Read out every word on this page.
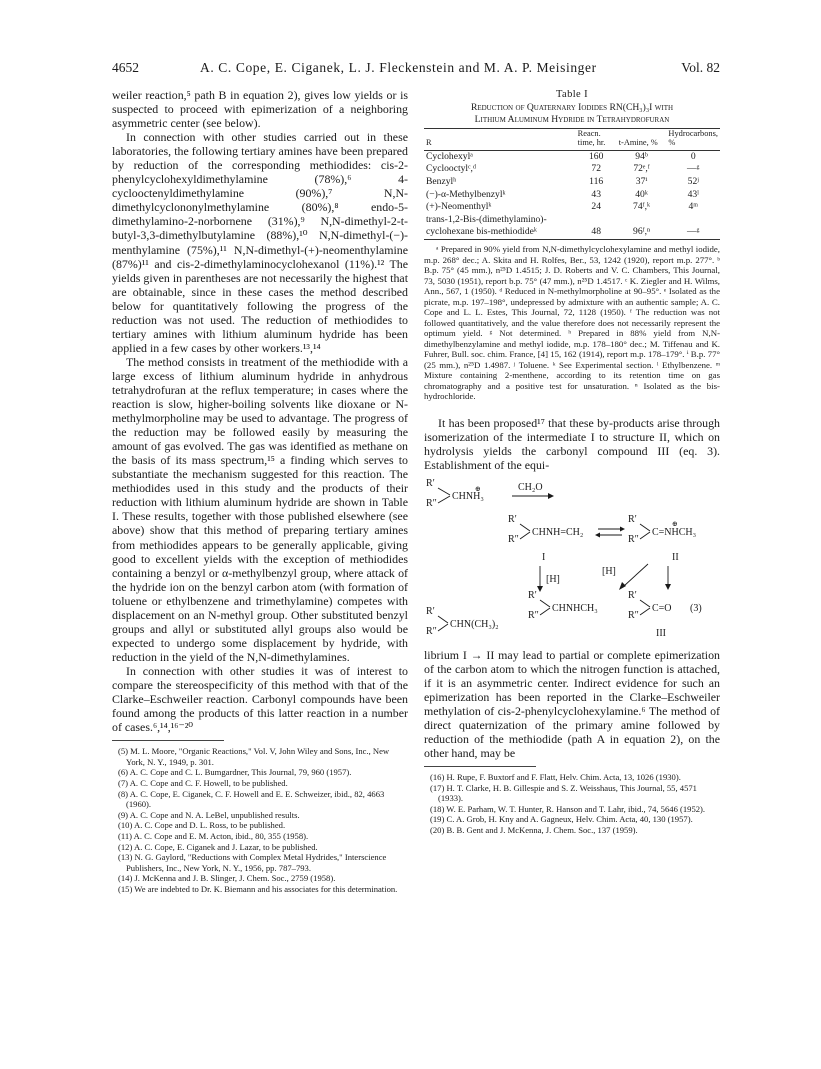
4652	A. C. Cope, E. Ciganek, L. J. Fleckenstein and M. A. P. Meisinger	Vol. 82

weiler reaction,⁵ path B in equation 2), gives low yields or is suspected to proceed with epimerization of a neighboring asymmetric center (see below).

In connection with other studies carried out in these laboratories, the following tertiary amines have been prepared by reduction of the corresponding methiodides: cis-2-phenylcyclohexyldimethylamine (78%),⁶ 4-cyclooctenyldimethylamine (90%),⁷ N,N-dimethylcyclononylmethylamine (80%),⁸ endo-5-dimethylamino-2-norbornene (31%),⁹ N,N-dimethyl-2-t-butyl-3,3-dimethylbutylamine (88%),¹⁰ N,N-dimethyl-(−)-menthylamine (75%),¹¹ N,N-dimethyl-(+)-neomenthylamine (87%)¹¹ and cis-2-dimethylaminocyclohexanol (11%).¹² The yields given in parentheses are not necessarily the highest that are obtainable, since in these cases the method described below for quantitatively following the progress of the reduction was not used. The reduction of methiodides to tertiary amines with lithium aluminum hydride has been applied in a few cases by other workers.¹³,¹⁴

The method consists in treatment of the methiodide with a large excess of lithium aluminum hydride in anhydrous tetrahydrofuran at the reflux temperature; in cases where the reaction is slow, higher-boiling solvents like dioxane or N-methylmorpholine may be used to advantage. The progress of the reduction may be followed easily by measuring the amount of gas evolved. The gas was identified as methane on the basis of its mass spectrum,¹⁵ a finding which serves to substantiate the mechanism suggested for this reaction. The methiodides used in this study and the products of their reduction with lithium aluminum hydride are shown in Table I. These results, together with those published elsewhere (see above) show that this method of preparing tertiary amines from methiodides appears to be generally applicable, giving good to excellent yields with the exception of methiodides containing a benzyl or α-methylbenzyl group, where attack of the hydride ion on the benzyl carbon atom (with formation of toluene or ethylbenzene and trimethylamine) competes with displacement on an N-methyl group. Other substituted benzyl groups and allyl or substituted allyl groups also would be expected to undergo some displacement by hydride, with reduction in the yield of the N,N-dimethylamines.

In connection with other studies it was of interest to compare the stereospecificity of this method with that of the Clarke–Eschweiler reaction. Carbonyl compounds have been found among the products of this latter reaction in a number of cases.⁶,¹⁴,¹⁶⁻²⁰

(5) M. L. Moore, "Organic Reactions," Vol. V, John Wiley and Sons, Inc., New York, N. Y., 1949, p. 301.
(6) A. C. Cope and C. L. Bumgardner, This Journal, 79, 960 (1957).
(7) A. C. Cope and C. F. Howell, to be published.
(8) A. C. Cope, E. Ciganek, C. F. Howell and E. E. Schweizer, ibid., 82, 4663 (1960).
(9) A. C. Cope and N. A. LeBel, unpublished results.
(10) A. C. Cope and D. L. Ross, to be published.
(11) A. C. Cope and E. M. Acton, ibid., 80, 355 (1958).
(12) A. C. Cope, E. Ciganek and J. Lazar, to be published.
(13) N. G. Gaylord, "Reductions with Complex Metal Hydrides," Interscience Publishers, Inc., New York, N. Y., 1956, pp. 787–793.
(14) J. McKenna and J. B. Slinger, J. Chem. Soc., 2759 (1958).
(15) We are indebted to Dr. K. Biemann and his associates for this determination.
Table I
Reduction of Quaternary Iodides RN(CH₃)₃I with
Lithium Aluminum Hydride in Tetrahydrofuran
R	Reacn. time, hr.	t-Amine, %	Hydrocarbons, %
Cyclohexylᵃ	160	94ᵇ	0
Cyclooctylᶜ,ᵈ	72	72ᵉ,ᶠ	—ᵍ
Benzylʰ	116	37ⁱ	52ʲ
(−)-α-Methylbenzylᵏ	43	40ᵏ	43ˡ
(+)-Neomenthylᵏ	24	74ᶠ,ᵏ	4ᵐ
trans-1,2-Bis-(dimethylamino)-cyclohexane bis-methiodideᵏ	48	96ᶠ,ⁿ	—ᵍ

ᵃ Prepared in 90% yield from N,N-dimethylcyclohexylamine and methyl iodide, m.p. 268° dec.; A. Skita and H. Rolfes, Ber., 53, 1242 (1920), report m.p. 277°. ᵇ B.p. 75° (45 mm.), n²⁵D 1.4515; J. D. Roberts and V. C. Chambers, This Journal, 73, 5030 (1951), report b.p. 75° (47 mm.), n²⁵D 1.4517. ᶜ K. Ziegler and H. Wilms, Ann., 567, 1 (1950). ᵈ Reduced in N-methylmorpholine at 90–95°. ᵉ Isolated as the picrate, m.p. 197–198°, undepressed by admixture with an authentic sample; A. C. Cope and L. L. Estes, This Journal, 72, 1128 (1950). ᶠ The reduction was not followed quantitatively, and the value therefore does not necessarily represent the optimum yield. ᵍ Not determined. ʰ Prepared in 88% yield from N,N-dimethylbenzylamine and methyl iodide, m.p. 178–180° dec.; M. Tiffenau and K. Fuhrer, Bull. soc. chim. France, [4] 15, 162 (1914), report m.p. 178–179°. ⁱ B.p. 77° (25 mm.), n²⁵D 1.4987. ʲ Toluene. ᵏ See Experimental section. ˡ Ethylbenzene. ᵐ Mixture containing 2-menthene, according to its retention time on gas chromatography and a positive test for unsaturation. ⁿ Isolated as the bis-hydrochloride.

It has been proposed¹⁷ that these by-products arise through isomerization of the intermediate I to structure II, which on hydrolysis yields the carbonyl compound III (eq. 3). Establishment of the equi-

R′
R″
⊕
CHNH₃
CH₂O
R′
R″
CHNH=CH₂
I
R′
R″
⊕
C=NHCH₃
II
[H]
[H]
R′
R″
CHNHCH₃
R′
R″
C=O (3)
III
R′
R″
CHN(CH₃)₂

librium I → II may lead to partial or complete epimerization of the carbon atom to which the nitrogen function is attached, if it is an asymmetric center. Indirect evidence for such an epimerization has been reported in the Clarke–Eschweiler methylation of cis-2-phenylcyclohexylamine.⁶ The method of direct quaternization of the primary amine followed by reduction of the methiodide (path A in equation 2), on the other hand, may be

(16) H. Rupe, F. Buxtorf and F. Flatt, Helv. Chim. Acta, 13, 1026 (1930).
(17) H. T. Clarke, H. B. Gillespie and S. Z. Weisshaus, This Journal, 55, 4571 (1933).
(18) W. E. Parham, W. T. Hunter, R. Hanson and T. Lahr, ibid., 74, 5646 (1952).
(19) C. A. Grob, H. Kny and A. Gagneux, Helv. Chim. Acta, 40, 130 (1957).
(20) B. B. Gent and J. McKenna, J. Chem. Soc., 137 (1959).
